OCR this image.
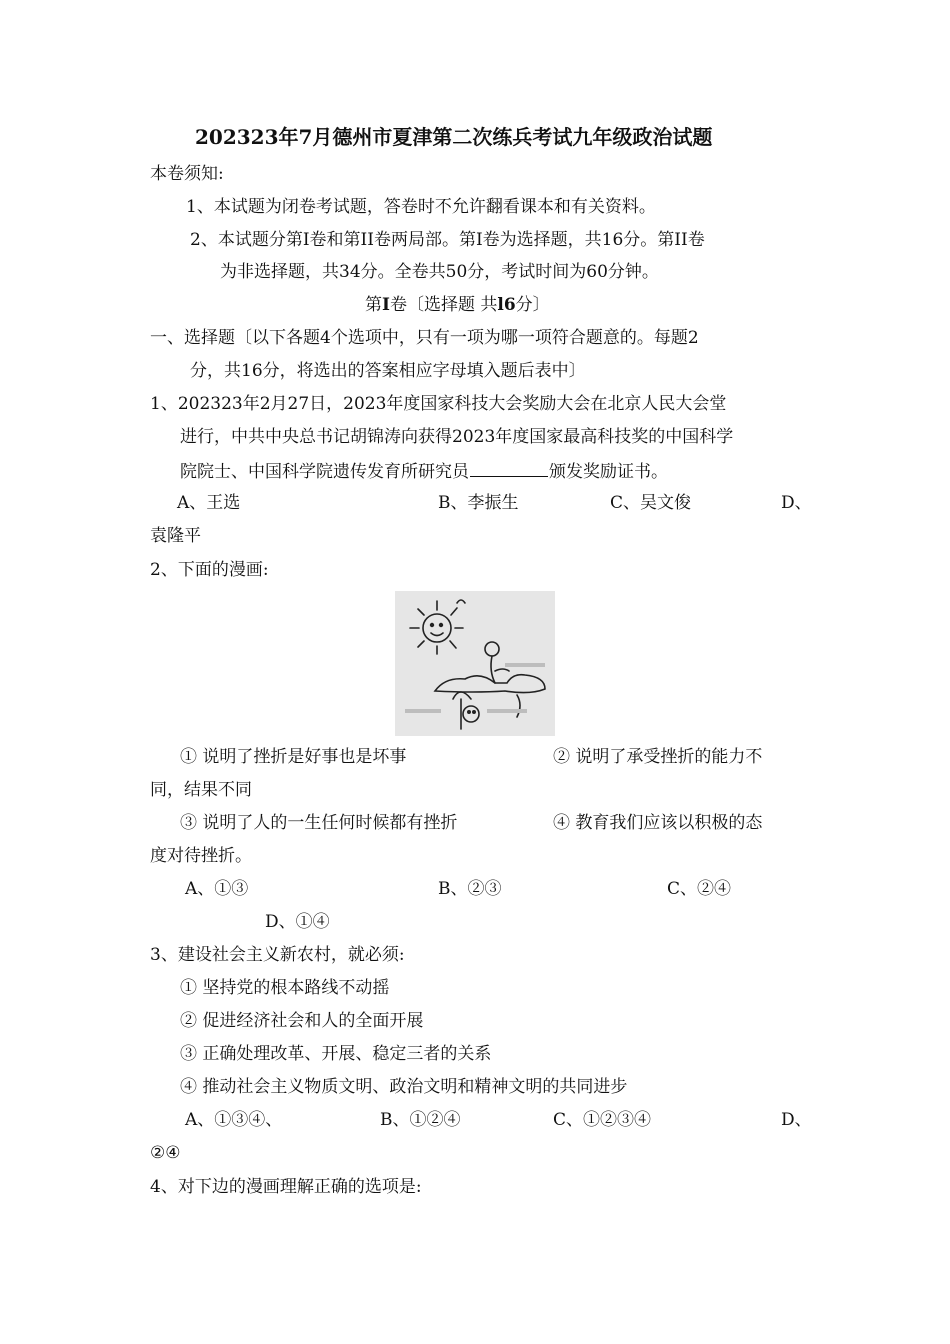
202323年7月德州市夏津第二次练兵考试九年级政治试题
本卷须知:
1、本试题为闭卷考试题，答卷时不允许翻看课本和有关资料。
2、本试题分第I卷和第II卷两局部。第I卷为选择题，共16分。第II卷
为非选择题，共34分。全卷共50分，考试时间为60分钟。
第I卷〔选择题 共l6分〕
一、选择题〔以下各题4个选项中，只有一项为哪一项符合题意的。每题2
分，共16分，将选出的答案相应字母填入题后表中〕
1、202323年2月27日，2023年度国家科技大会奖励大会在北京人民大会堂
进行，中共中央总书记胡锦涛向获得2023年度国家最高科技奖的中国科学
院院士、中国科学院遗传发育所研究员	颁发奖励证书。
A、王选	B、李振生	C、吴文俊	D、
袁隆平
2、下面的漫画:
① 说明了挫折是好事也是坏事	② 说明了承受挫折的能力不
同，结果不同
③ 说明了人的一生任何时候都有挫折	④ 教育我们应该以积极的态
度对待挫折。
A、①③	B、②③	C、②④
D、①④
3、建设社会主义新农村，就必须:
① 坚持党的根本路线不动摇
② 促进经济社会和人的全面开展
③ 正确处理改革、开展、稳定三者的关系
④ 推动社会主义物质文明、政治文明和精神文明的共同进步
A、①③④、	B、①②④	C、①②③④	D、
②④
4、对下边的漫画理解正确的选项是:
